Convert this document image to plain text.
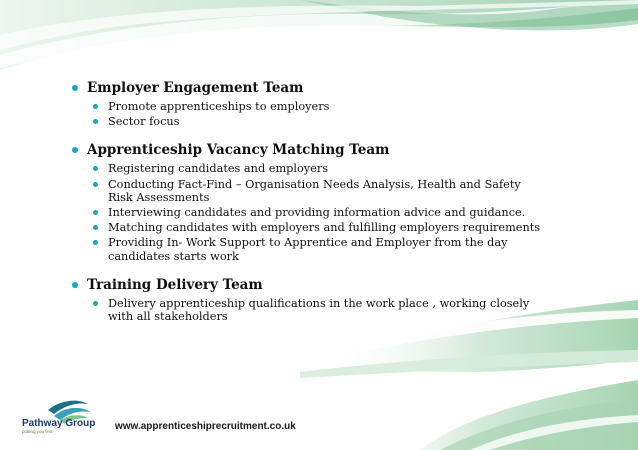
Employer Engagement Team
Promote apprenticeships to employers
Sector focus
Apprenticeship Vacancy Matching Team
Registering candidates and employers
Conducting Fact-Find – Organisation Needs Analysis, Health and Safety Risk Assessments
Interviewing candidates and providing information advice and guidance.
Matching candidates with employers and fulfilling employers requirements
Providing In- Work Support to Apprentice and Employer from the day candidates starts work
Training Delivery Team
Delivery apprenticeship qualifications in the work place , working closely with all stakeholders
Pathway Group
putting you first	www.apprenticeshiprecruitment.co.uk
